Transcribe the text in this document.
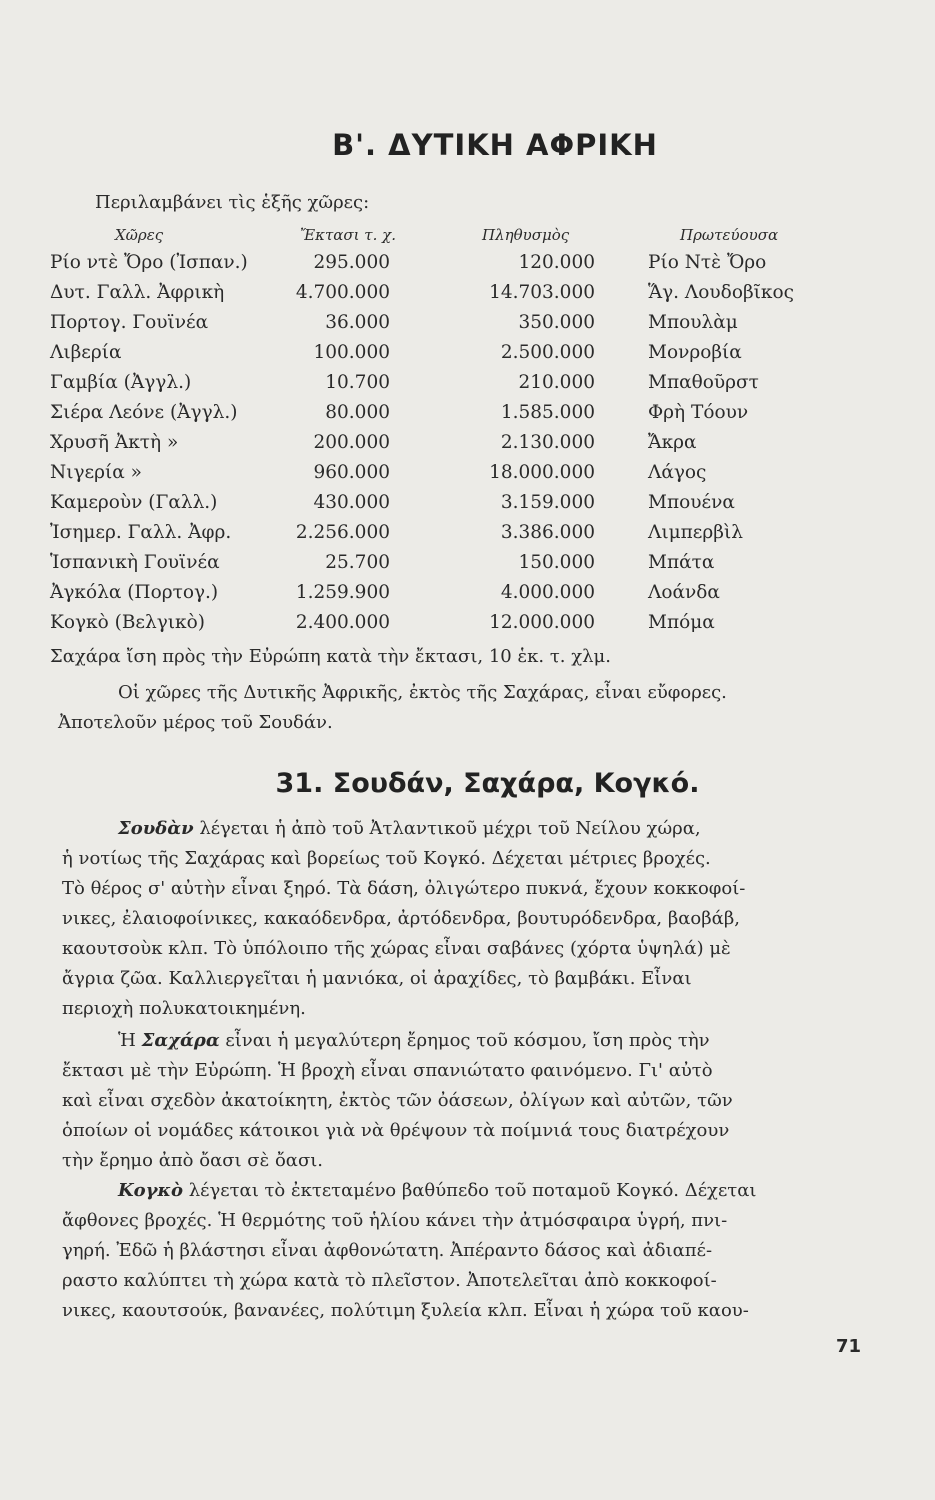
Β'. ΔΥΤΙΚΗ ΑΦΡΙΚΗ
Περιλαμβάνει τὶς ἑξῆς χῶρες:
Χῶρες	Ἔκτασι τ. χ.	Πληθυσμὸς	Πρωτεύουσα
Ρίο ντὲ Ὄρο (Ἰσπαν.)	295.000	120.000	Ρίο Ντὲ Ὄρο
Δυτ. Γαλλ. Ἀφρικὴ	4.700.000	14.703.000	Ἅγ. Λουδοβῖκος
Πορτογ. Γουϊνέα	36.000	350.000	Μπουλὰμ
Λιβερία	100.000	2.500.000	Μονροβία
Γαμβία (Ἀγγλ.)	10.700	210.000	Μπαθοῦρστ
Σιέρα Λεόνε (Ἀγγλ.)	80.000	1.585.000	Φρὴ Τόουν
Χρυσῆ Ἀκτὴ »	200.000	2.130.000	Ἄκρα
Νιγερία »	960.000	18.000.000	Λάγος
Καμεροὺν (Γαλλ.)	430.000	3.159.000	Μπουένα
Ἰσημερ. Γαλλ. Ἀφρ.	2.256.000	3.386.000	Λιμπερβὶλ
Ἱσπανικὴ Γουϊνέα	25.700	150.000	Μπάτα
Ἀγκόλα (Πορτογ.)	1.259.900	4.000.000	Λοάνδα
Κογκὸ (Βελγικὸ)	2.400.000	12.000.000	Μπόμα
Σαχάρα ἴση πρὸς τὴν Εὐρώπη κατὰ τὴν ἔκτασι, 10 ἑκ. τ. χλμ.
Οἱ χῶρες τῆς Δυτικῆς Ἀφρικῆς, ἐκτὸς τῆς Σαχάρας, εἶναι εὔφορες.
Ἀποτελοῦν μέρος τοῦ Σουδάν.
31. Σουδάν, Σαχάρα, Κογκό.
Σουδὰν λέγεται ἡ ἀπὸ τοῦ Ἀτλαντικοῦ μέχρι τοῦ Νείλου χώρα,
ἡ νοτίως τῆς Σαχάρας καὶ βορείως τοῦ Κογκό. Δέχεται μέτριες βροχές.
Τὸ θέρος σ' αὐτὴν εἶναι ξηρό. Τὰ δάση, ὀλιγώτερο πυκνά, ἔχουν κοκκοφοί-
νικες, ἐλαιοφοίνικες, κακαόδενδρα, ἀρτόδενδρα, βουτυρόδενδρα, βαοβάβ,
καουτσοὺκ κλπ. Τὸ ὑπόλοιπο τῆς χώρας εἶναι σαβάνες (χόρτα ὑψηλά) μὲ
ἄγρια ζῶα. Καλλιεργεῖται ἡ μανιόκα, οἱ ἀραχίδες, τὸ βαμβάκι. Εἶναι
περιοχὴ πολυκατοικημένη.
Ἡ Σαχάρα εἶναι ἡ μεγαλύτερη ἔρημος τοῦ κόσμου, ἴση πρὸς τὴν
ἔκτασι μὲ τὴν Εὐρώπη. Ἡ βροχὴ εἶναι σπανιώτατο φαινόμενο. Γι' αὐτὸ
καὶ εἶναι σχεδὸν ἀκατοίκητη, ἐκτὸς τῶν ὀάσεων, ὀλίγων καὶ αὐτῶν, τῶν
ὁποίων οἱ νομάδες κάτοικοι γιὰ νὰ θρέψουν τὰ ποίμνιά τους διατρέχουν
τὴν ἔρημο ἀπὸ ὄασι σὲ ὄασι.
Κογκὸ λέγεται τὸ ἐκτεταμένο βαθύπεδο τοῦ ποταμοῦ Κογκό. Δέχεται
ἄφθονες βροχές. Ἡ θερμότης τοῦ ἡλίου κάνει τὴν ἀτμόσφαιρα ὑγρή, πνι-
γηρή. Ἐδῶ ἡ βλάστησι εἶναι ἀφθονώτατη. Ἀπέραντο δάσος καὶ ἀδιαπέ-
ραστο καλύπτει τὴ χώρα κατὰ τὸ πλεῖστον. Ἀποτελεῖται ἀπὸ κοκκοφοί-
νικες, καουτσούκ, βανανέες, πολύτιμη ξυλεία κλπ. Εἶναι ἡ χώρα τοῦ καου-
71
